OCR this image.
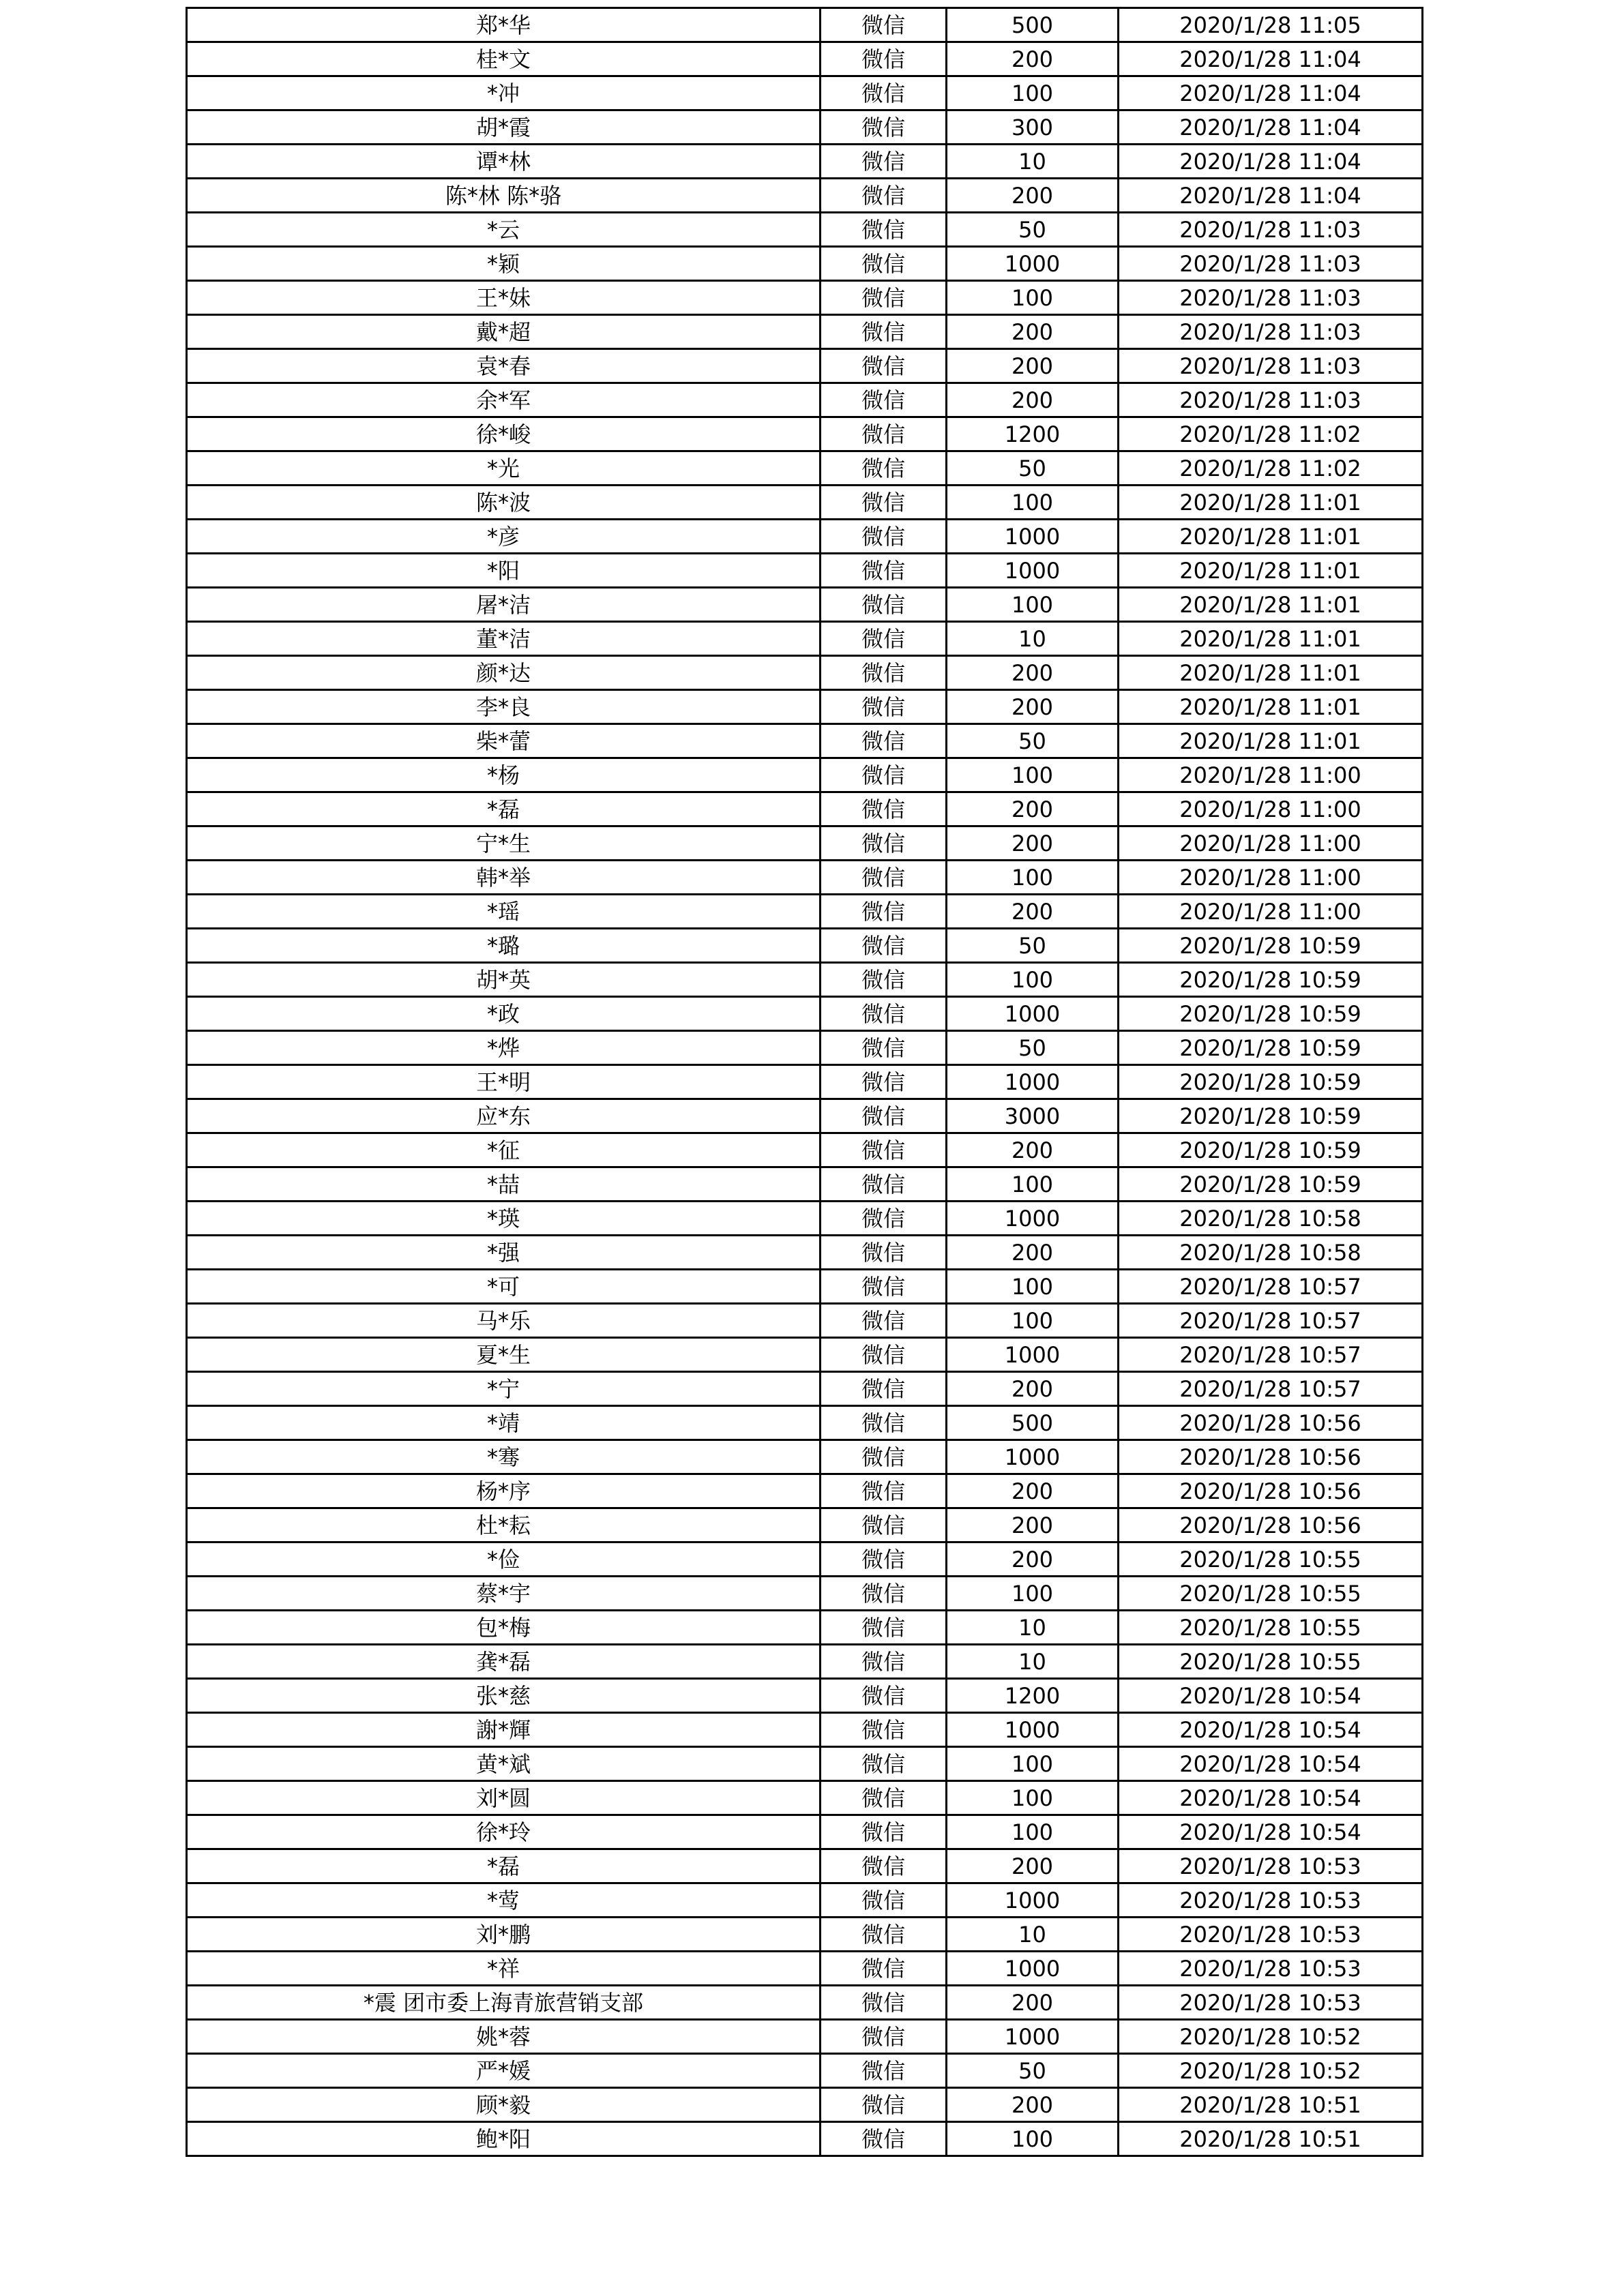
郑*华	微信	500	2020/1/28 11:05
桂*文	微信	200	2020/1/28 11:04
*冲	微信	100	2020/1/28 11:04
胡*霞	微信	300	2020/1/28 11:04
谭*林	微信	10	2020/1/28 11:04
陈*林 陈*骆	微信	200	2020/1/28 11:04
*云	微信	50	2020/1/28 11:03
*颖	微信	1000	2020/1/28 11:03
王*妹	微信	100	2020/1/28 11:03
戴*超	微信	200	2020/1/28 11:03
袁*春	微信	200	2020/1/28 11:03
余*军	微信	200	2020/1/28 11:03
徐*峻	微信	1200	2020/1/28 11:02
*光	微信	50	2020/1/28 11:02
陈*波	微信	100	2020/1/28 11:01
*彦	微信	1000	2020/1/28 11:01
*阳	微信	1000	2020/1/28 11:01
屠*洁	微信	100	2020/1/28 11:01
董*洁	微信	10	2020/1/28 11:01
颜*达	微信	200	2020/1/28 11:01
李*良	微信	200	2020/1/28 11:01
柴*蕾	微信	50	2020/1/28 11:01
*杨	微信	100	2020/1/28 11:00
*磊	微信	200	2020/1/28 11:00
宁*生	微信	200	2020/1/28 11:00
韩*举	微信	100	2020/1/28 11:00
*瑶	微信	200	2020/1/28 11:00
*璐	微信	50	2020/1/28 10:59
胡*英	微信	100	2020/1/28 10:59
*政	微信	1000	2020/1/28 10:59
*烨	微信	50	2020/1/28 10:59
王*明	微信	1000	2020/1/28 10:59
应*东	微信	3000	2020/1/28 10:59
*征	微信	200	2020/1/28 10:59
*喆	微信	100	2020/1/28 10:59
*瑛	微信	1000	2020/1/28 10:58
*强	微信	200	2020/1/28 10:58
*可	微信	100	2020/1/28 10:57
马*乐	微信	100	2020/1/28 10:57
夏*生	微信	1000	2020/1/28 10:57
*宁	微信	200	2020/1/28 10:57
*靖	微信	500	2020/1/28 10:56
*骞	微信	1000	2020/1/28 10:56
杨*序	微信	200	2020/1/28 10:56
杜*耘	微信	200	2020/1/28 10:56
*俭	微信	200	2020/1/28 10:55
蔡*宇	微信	100	2020/1/28 10:55
包*梅	微信	10	2020/1/28 10:55
龚*磊	微信	10	2020/1/28 10:55
张*慈	微信	1200	2020/1/28 10:54
謝*輝	微信	1000	2020/1/28 10:54
黄*斌	微信	100	2020/1/28 10:54
刘*圆	微信	100	2020/1/28 10:54
徐*玲	微信	100	2020/1/28 10:54
*磊	微信	200	2020/1/28 10:53
*莺	微信	1000	2020/1/28 10:53
刘*鹏	微信	10	2020/1/28 10:53
*祥	微信	1000	2020/1/28 10:53
*震 团市委上海青旅营销支部	微信	200	2020/1/28 10:53
姚*蓉	微信	1000	2020/1/28 10:52
严*媛	微信	50	2020/1/28 10:52
顾*毅	微信	200	2020/1/28 10:51
鲍*阳	微信	100	2020/1/28 10:51
